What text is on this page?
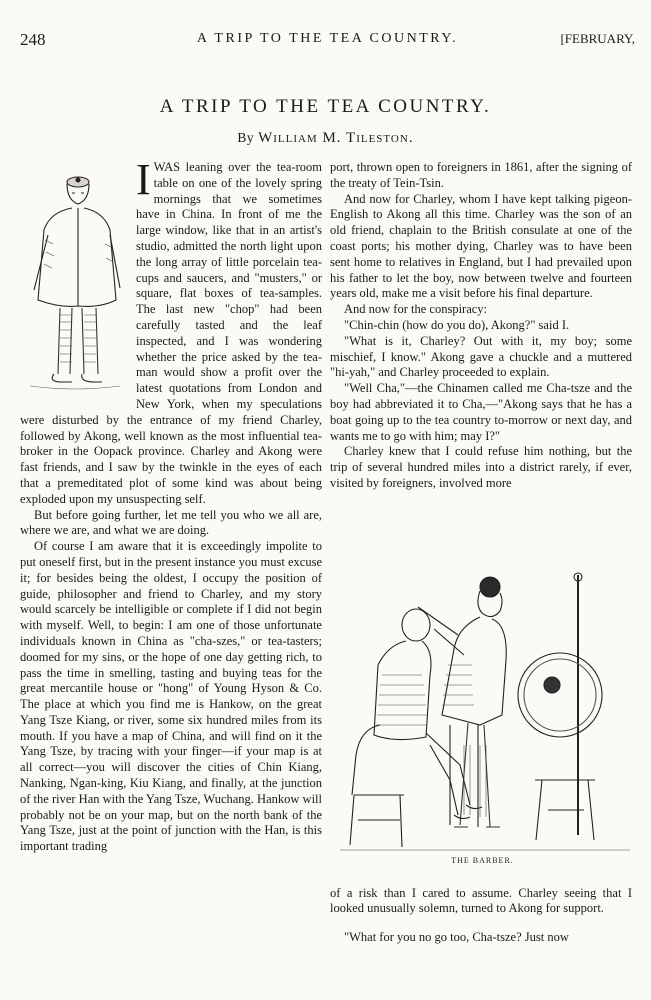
248	A TRIP TO THE TEA COUNTRY.	[FEBRUARY,
A TRIP TO THE TEA COUNTRY.
By William M. Tileston.
I WAS leaning over the tea-room table on one of the lovely spring mornings that we sometimes have in China. In front of me the large window, like that in an artist's studio, admitted the north light upon the long array of little porcelain tea-cups and saucers, and "musters," or square, flat boxes of tea-samples. The last new "chop" had been carefully tasted and the leaf inspected, and I was wondering whether the price asked by the tea-man would show a profit over the latest quotations from London and New York, when my speculations were disturbed by the entrance of my friend Charley, followed by Akong, well known as the most influential tea-broker in the Oopack province. Charley and Akong were fast friends, and I saw by the twinkle in the eyes of each that a premeditated plot of some kind was about being exploded upon my unsuspecting self.

But before going further, let me tell you who we all are, where we are, and what we are doing.

Of course I am aware that it is exceedingly impolite to put oneself first, but in the present instance you must excuse it; for besides being the oldest, I occupy the position of guide, philosopher and friend to Charley, and my story would scarcely be intelligible or complete if I did not begin with myself. Well, to begin: I am one of those unfortunate individuals known in China as "cha-szes," or tea-tasters; doomed for my sins, or the hope of one day getting rich, to pass the time in smelling, tasting and buying teas for the great mercantile house or "hong" of Young Hyson & Co. The place at which you find me is Hankow, on the great Yang Tsze Kiang, or river, some six hundred miles from its mouth. If you have a map of China, and will find on it the Yang Tsze, by tracing with your finger—if your map is at all correct—you will discover the cities of Chin Kiang, Nanking, Ngan-king, Kiu Kiang, and finally, at the junction of the river Han with the Yang Tsze, Wuchang. Hankow will probably not be on your map, but on the north bank of the Yang Tsze, just at the point of junction with the Han, is this important trading

port, thrown open to foreigners in 1861, after the signing of the treaty of Tein-Tsin.

And now for Charley, whom I have kept talking pigeon-English to Akong all this time. Charley was the son of an old friend, chaplain to the British consulate at one of the coast ports; his mother dying, Charley was to have been sent home to relatives in England, but I had prevailed upon his father to let the boy, now between twelve and fourteen years old, make me a visit before his final departure.

And now for the conspiracy:

"Chin-chin (how do you do), Akong?" said I.

"What is it, Charley? Out with it, my boy; some mischief, I know." Akong gave a chuckle and a muttered "hi-yah," and Charley proceeded to explain.

"Well Cha,"—the Chinamen called me Cha-tsze and the boy had abbreviated it to Cha,—"Akong says that he has a boat going up to the tea country to-morrow or next day, and wants me to go with him; may I?"

Charley knew that I could refuse him nothing, but the trip of several hundred miles into a district rarely, if ever, visited by foreigners, involved more

THE BARBER.

of a risk than I cared to assume. Charley seeing that I looked unusually solemn, turned to Akong for support.

"What for you no go too, Cha-tsze? Just now
